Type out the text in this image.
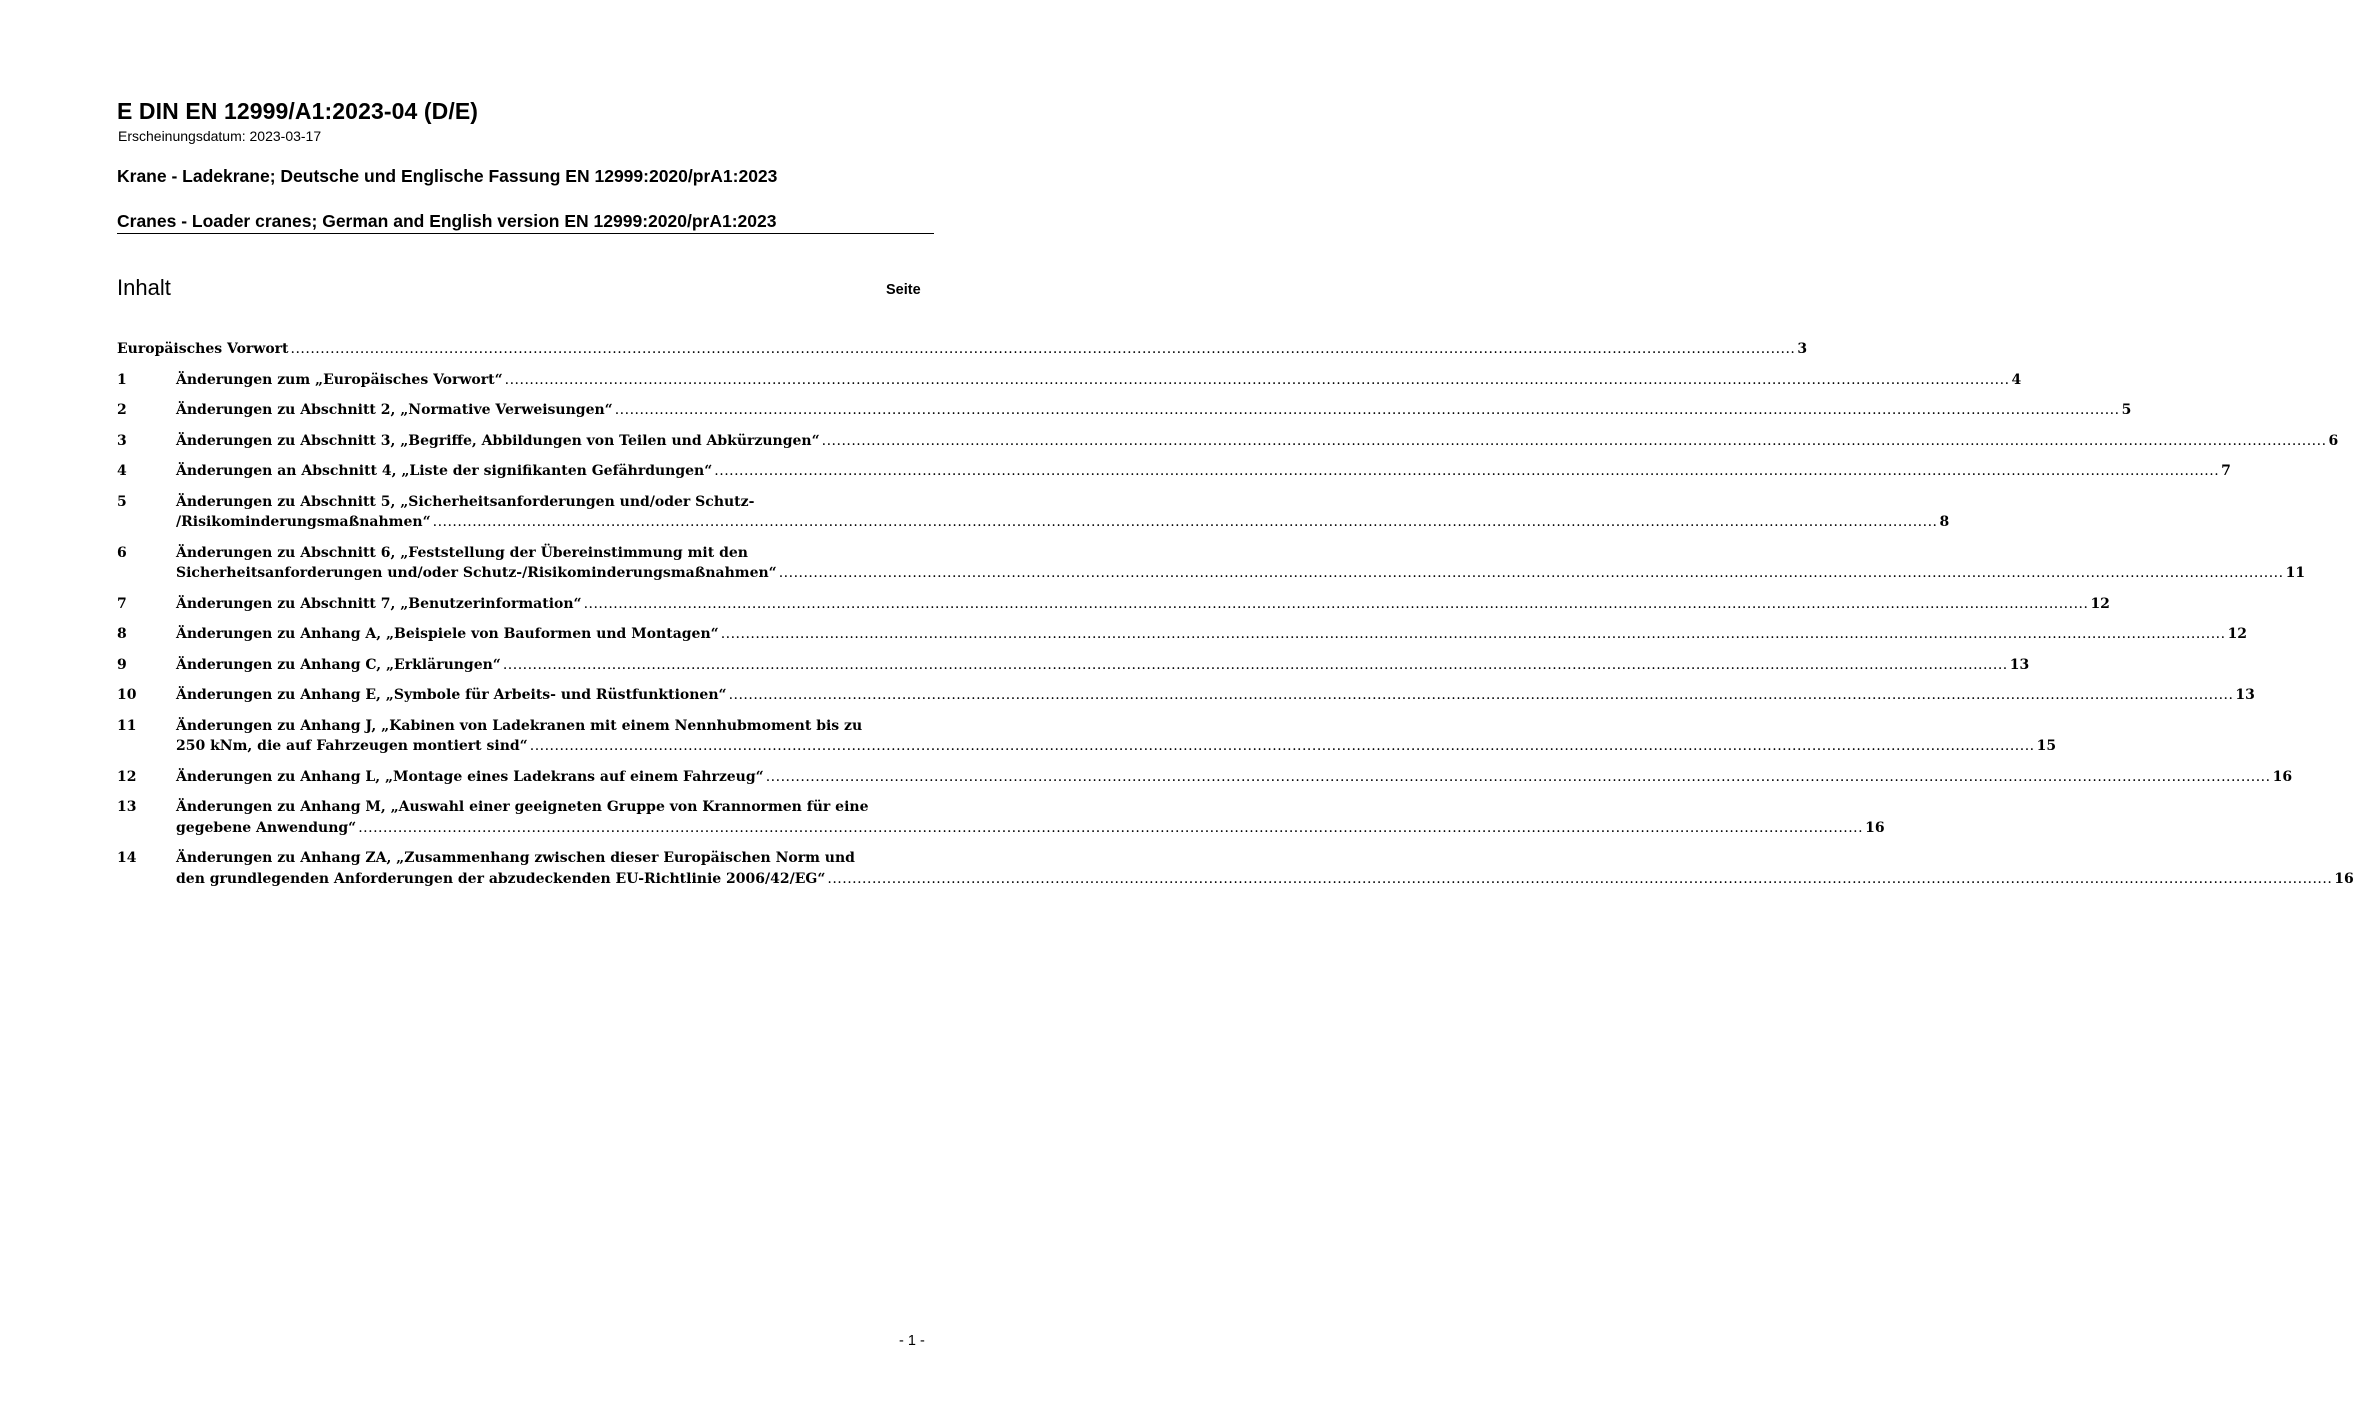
E DIN EN 12999/A1:2023-04 (D/E)
Erscheinungsdatum: 2023-03-17
Krane - Ladekrane; Deutsche und Englische Fassung EN 12999:2020/prA1:2023
Cranes - Loader cranes; German and English version EN 12999:2020/prA1:2023
Inhalt	Seite
Europäisches Vorwort .....	3
1	Änderungen zum „Europäisches Vorwort“ .....	4
2	Änderungen zu Abschnitt 2, „Normative Verweisungen“ .....	5
3	Änderungen zu Abschnitt 3, „Begriffe, Abbildungen von Teilen und Abkürzungen“ .....	6
4	Änderungen an Abschnitt 4, „Liste der signifikanten Gefährdungen“ .....	7
5	Änderungen zu Abschnitt 5, „Sicherheitsanforderungen und/oder Schutz-
/Risikominderungsmaßnahmen“ .....	8
6	Änderungen zu Abschnitt 6, „Feststellung der Übereinstimmung mit den
Sicherheitsanforderungen und/oder Schutz-/Risikominderungsmaßnahmen“ .....	11
7	Änderungen zu Abschnitt 7, „Benutzerinformation“ .....	12
8	Änderungen zu Anhang A, „Beispiele von Bauformen und Montagen“ .....	12
9	Änderungen zu Anhang C, „Erklärungen“ .....	13
10	Änderungen zu Anhang E, „Symbole für Arbeits- und Rüstfunktionen“ .....	13
11	Änderungen zu Anhang J, „Kabinen von Ladekranen mit einem Nennhubmoment bis zu
250 kNm, die auf Fahrzeugen montiert sind“ .....	15
12	Änderungen zu Anhang L, „Montage eines Ladekrans auf einem Fahrzeug“ .....	16
13	Änderungen zu Anhang M, „Auswahl einer geeigneten Gruppe von Krannormen für eine
gegebene Anwendung“ .....	16
14	Änderungen zu Anhang ZA, „Zusammenhang zwischen dieser Europäischen Norm und
den grundlegenden Anforderungen der abzudeckenden EU-Richtlinie 2006/42/EG“ .....	16
- 1 -
